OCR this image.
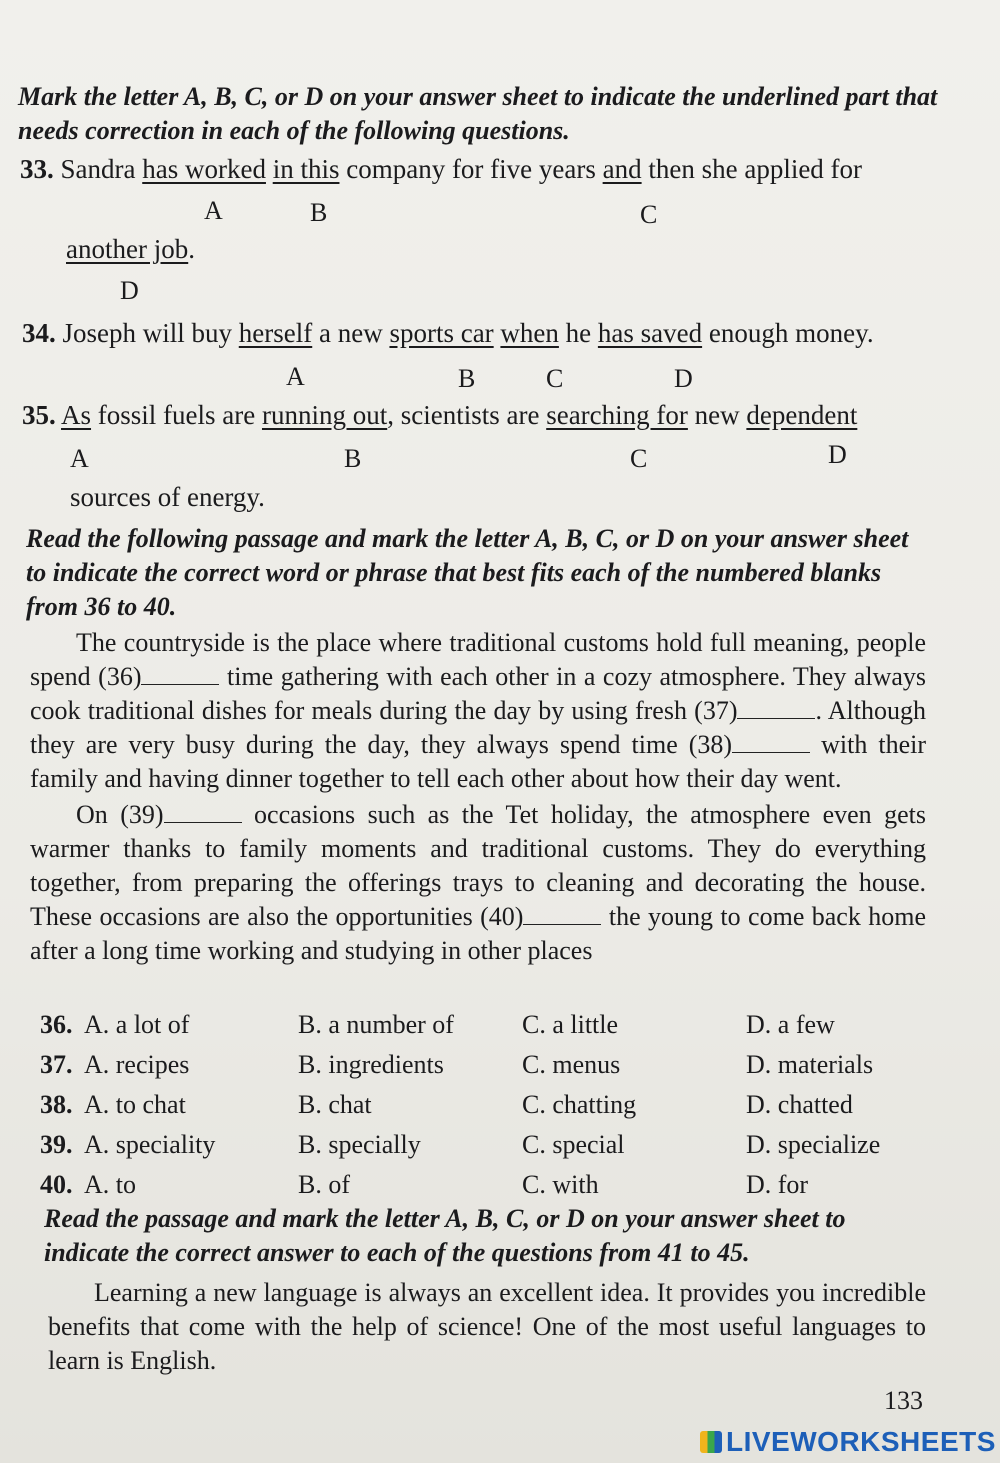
Mark the letter A, B, C, or D on your answer sheet to indicate the underlined part that needs correction in each of the following questions.
33. Sandra has worked in this company for five years and then she applied for
A	B	C
another job.
D
34. Joseph will buy herself a new sports car when he has saved enough money.
A	B	C	D
35. As fossil fuels are running out, scientists are searching for new dependent
A	B	C	D
sources of energy.
Read the following passage and mark the letter A, B, C, or D on your answer sheet to indicate the correct word or phrase that best fits each of the numbered blanks from 36 to 40.

The countryside is the place where traditional customs hold full meaning, people spend (36)	time gathering with each other in a cozy atmosphere. They always cook traditional dishes for meals during the day by using fresh (37)	. Although they are very busy during the day, they always spend time (38)	with their family and having dinner together to tell each other about how their day went.

On (39)	occasions such as the Tet holiday, the atmosphere even gets warmer thanks to family moments and traditional customs. They do everything together, from preparing the offerings trays to cleaning and decorating the house. These occasions are also the opportunities (40)	the young to come back home after a long time working and studying in other places

36. A. a lot of	B. a number of	C. a little	D. a few
37. A. recipes	B. ingredients	C. menus	D. materials
38. A. to chat	B. chat	C. chatting	D. chatted
39. A. speciality	B. specially	C. special	D. specialize
40. A. to	B. of	C. with	D. for
Read the passage and mark the letter A, B, C, or D on your answer sheet to indicate the correct answer to each of the questions from 41 to 45.

Learning a new language is always an excellent idea. It provides you incredible benefits that come with the help of science! One of the most useful languages to learn is English.

133
LIVEWORKSHEETS
